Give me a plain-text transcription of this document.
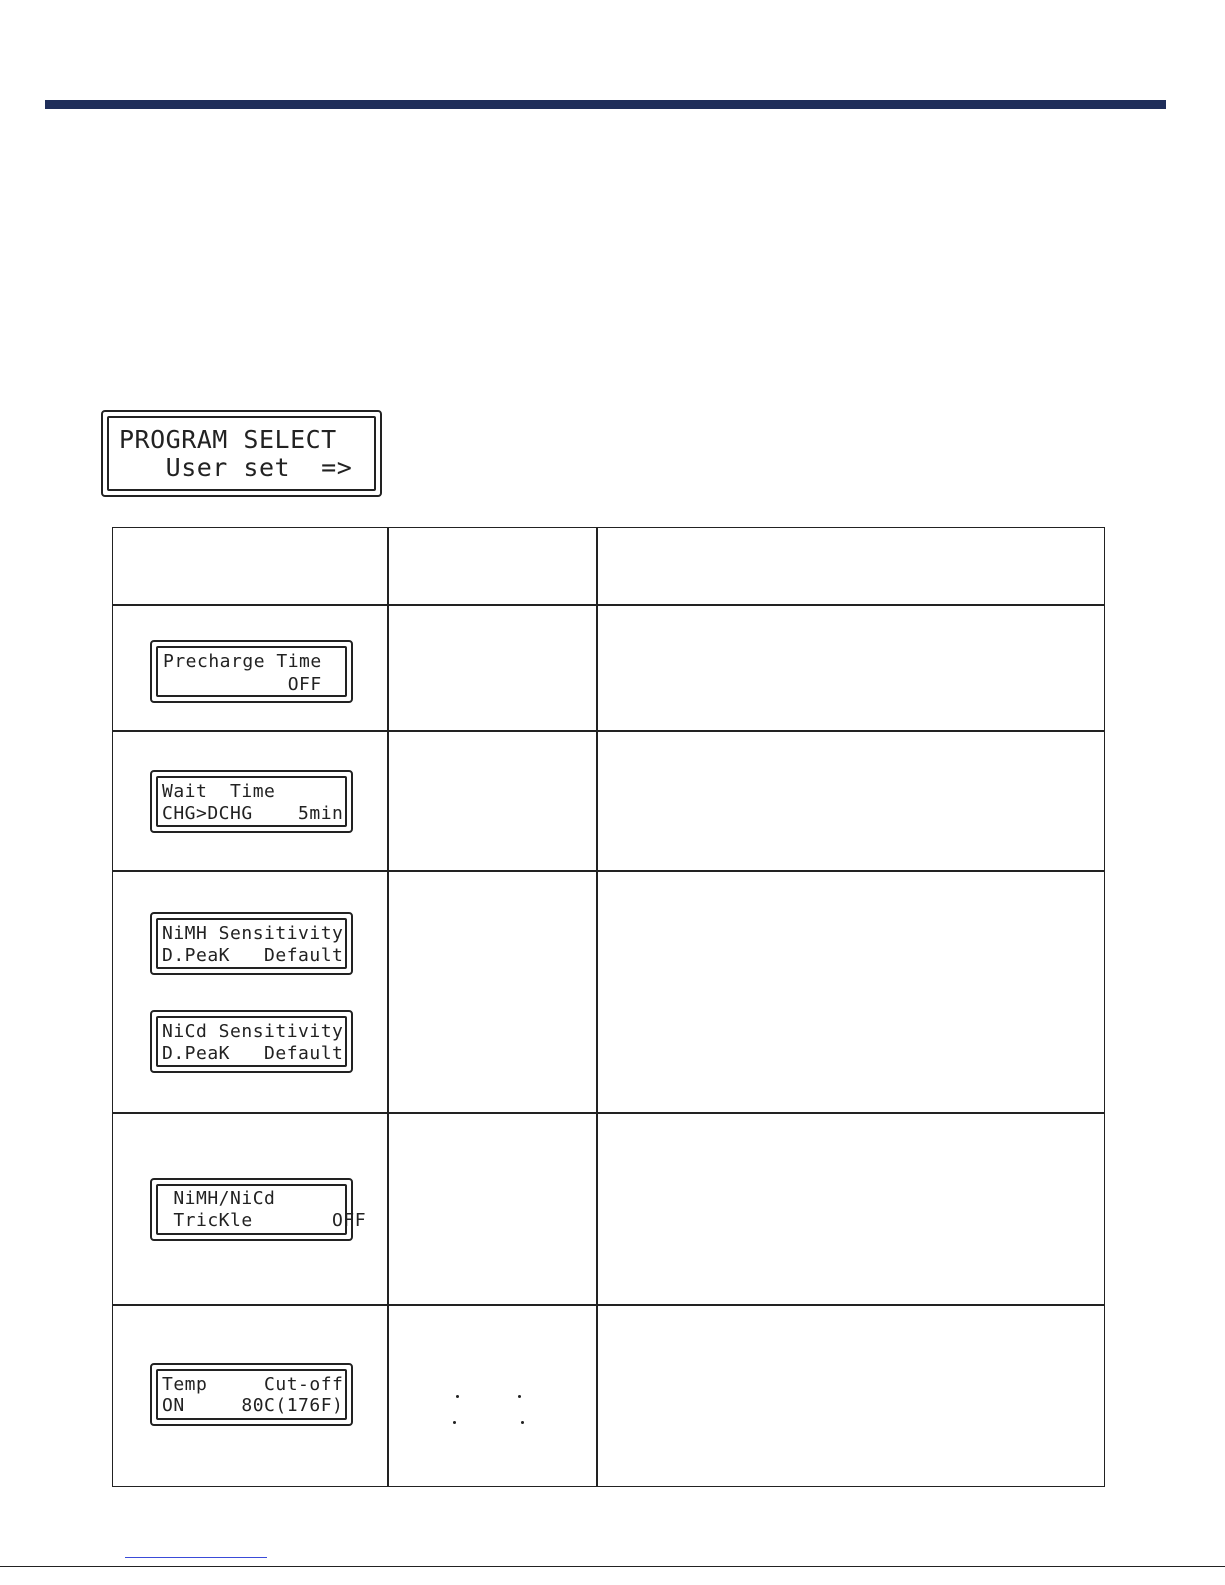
PROGRAM SELECT
User set  =>
Precharge Time
OFF
Wait  Time
CHG>DCHG    5min
NiMH Sensitivity
D.PeaK   Default
NiCd Sensitivity
D.PeaK   Default
NiMH/NiCd
TricKle       OFF
Temp     Cut-off
ON     80C(176F)
